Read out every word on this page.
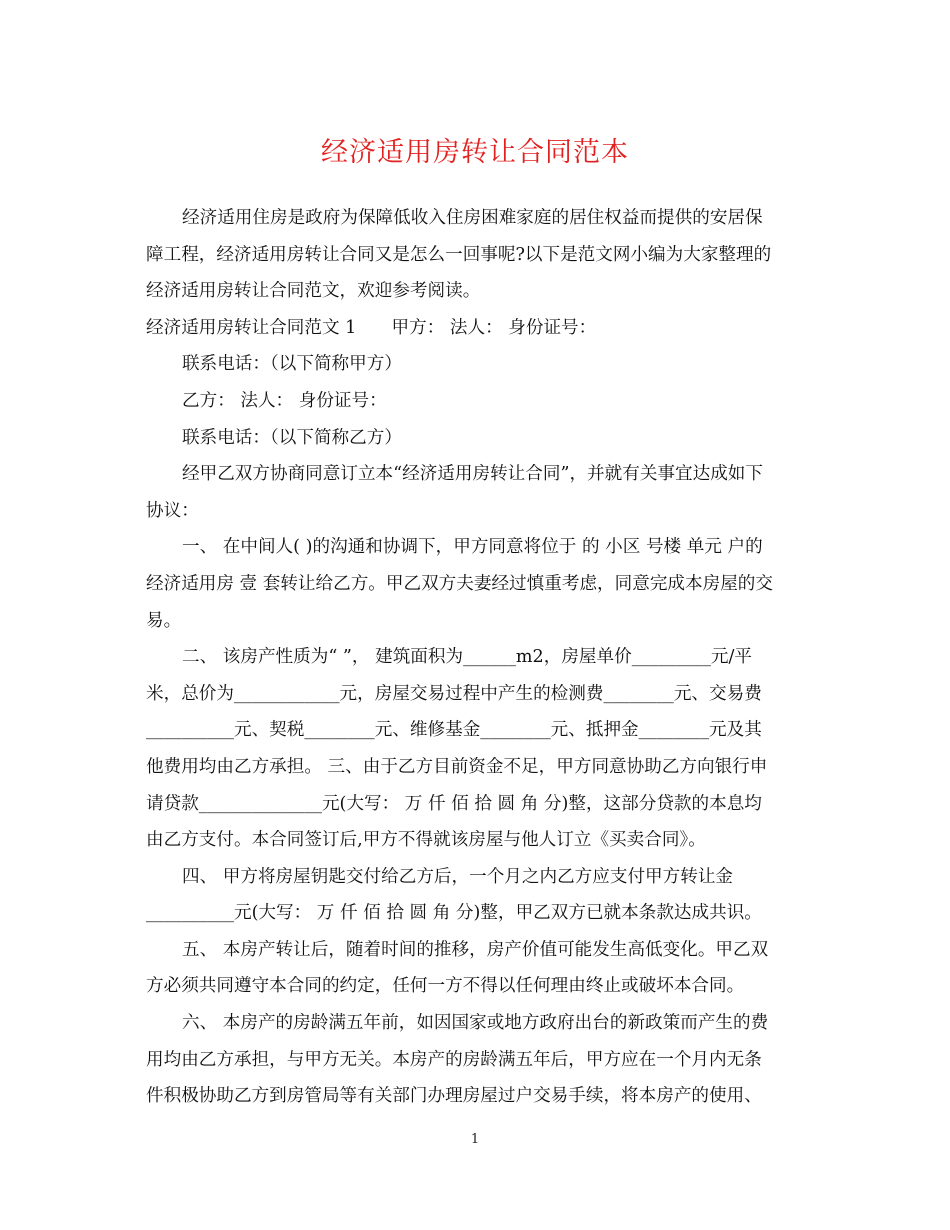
经济适用房转让合同范本

经济适用住房是政府为保障低收入住房困难家庭的居住权益而提供的安居保

障工程，经济适用房转让合同又是怎么一回事呢?以下是范文网小编为大家整理的

经济适用房转让合同范文，欢迎参考阅读。

经济适用房转让合同范文 1　　甲方： 法人： 身份证号：

联系电话：（以下简称甲方）

乙方： 法人： 身份证号：

联系电话：（以下简称乙方）

经甲乙双方协商同意订立本“经济适用房转让合同”，并就有关事宜达成如下

协议：

一、 在中间人( )的沟通和协调下，甲方同意将位于 的 小区 号楼 单元 户的

经济适用房 壹 套转让给乙方。甲乙双方夫妻经过慎重考虑，同意完成本房屋的交

易。

二、 该房产性质为“ ”， 建筑面积为______m2，房屋单价_________元/平

米，总价为____________元，房屋交易过程中产生的检测费________元、交易费

__________元、契税________元、维修基金________元、抵押金________元及其

他费用均由乙方承担。 三、由于乙方目前资金不足，甲方同意协助乙方向银行申

请贷款______________元(大写： 万 仟 佰 拾 圆 角 分)整，这部分贷款的本息均

由乙方支付。本合同签订后,甲方不得就该房屋与他人订立《买卖合同》。

四、 甲方将房屋钥匙交付给乙方后，一个月之内乙方应支付甲方转让金

__________元(大写： 万 仟 佰 拾 圆 角 分)整，甲乙双方已就本条款达成共识。

五、 本房产转让后，随着时间的推移，房产价值可能发生高低变化。甲乙双

方必须共同遵守本合同的约定，任何一方不得以任何理由终止或破坏本合同。

六、 本房产的房龄满五年前，如因国家或地方政府出台的新政策而产生的费

用均由乙方承担，与甲方无关。本房产的房龄满五年后，甲方应在一个月内无条

件积极协助乙方到房管局等有关部门办理房屋过户交易手续，将本房产的使用、

1
